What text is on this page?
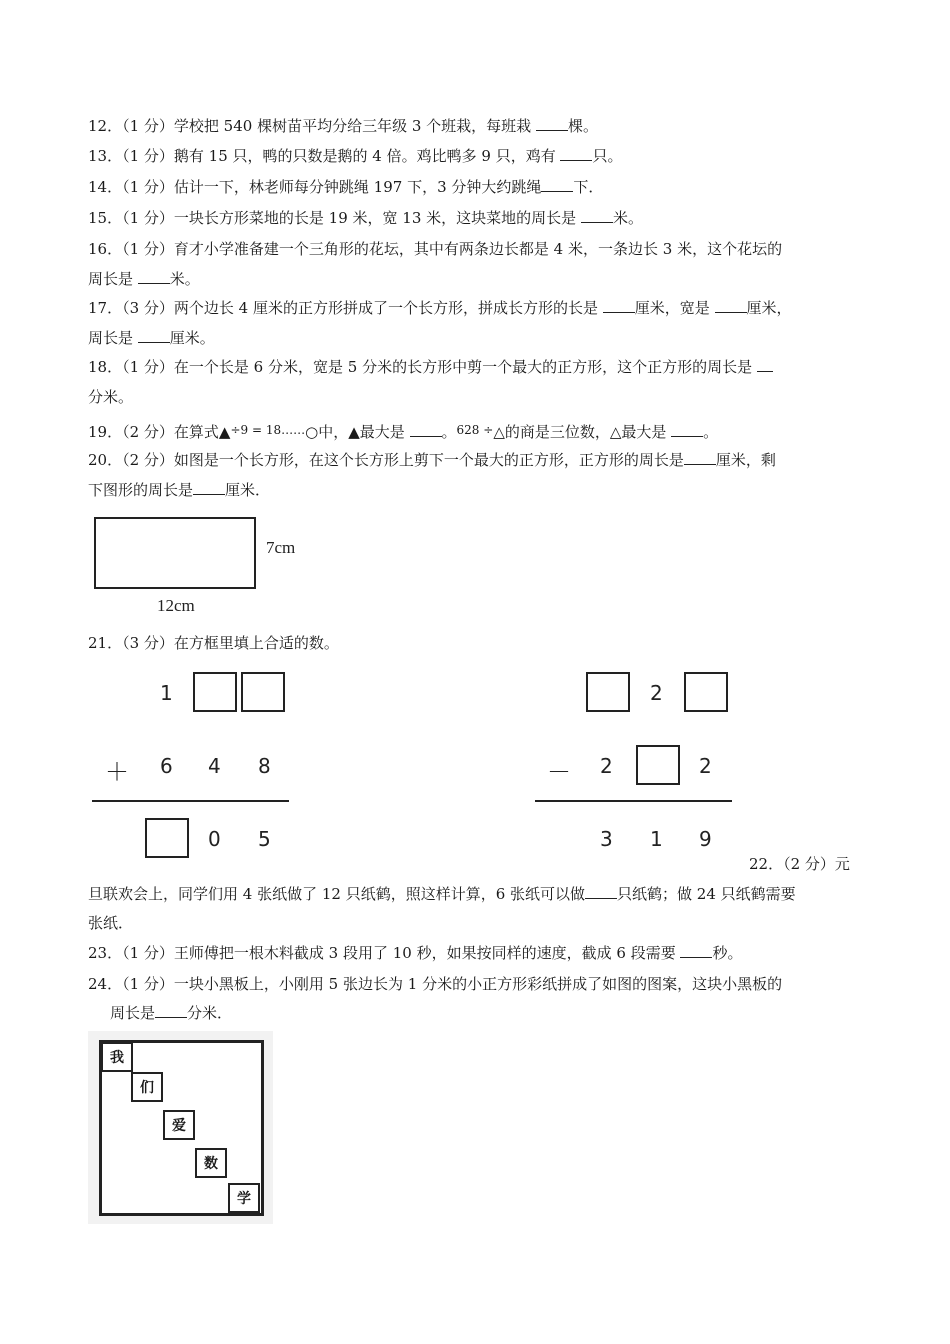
12．（1 分）学校把 540 棵树苗平均分给三年级 3 个班栽，每班栽 棵。
13．（1 分）鹅有 15 只，鸭的只数是鹅的 4 倍。鸡比鸭多 9 只，鸡有 只。
14．（1 分）估计一下，林老师每分钟跳绳 197 下，3 分钟大约跳绳 下．
15．（1 分）一块长方形菜地的长是 19 米，宽 13 米，这块菜地的周长是 米。
16．（1 分）育才小学准备建一个三角形的花坛，其中有两条边长都是 4 米，一条边长 3 米，这个花坛的
周长是 米。
17．（3 分）两个边长 4 厘米的正方形拼成了一个长方形，拼成长方形的长是 厘米，宽是 厘米，
周长是 厘米。
18．（1 分）在一个长是 6 分米，宽是 5 分米的长方形中剪一个最大的正方形，这个正方形的周长是
分米。
19．（2 分）在算式▲$^{\div 9 = 18\dots\dots}$○中，▲最大是 。$^{628 \div}$△的商是三位数，△最大是 。
20．（2 分）如图是一个长方形，在这个长方形上剪下一个最大的正方形，正方形的周长是 厘米，剩
下图形的周长是 厘米．
7cm
12cm
21．（3 分）在方框里填上合适的数。
1
＋ 6 4 8
0 5
2
－ 2	2
3 1 9
22．（2 分）元
旦联欢会上，同学们用 4 张纸做了 12 只纸鹤，照这样计算，6 张纸可以做 只纸鹤；做 24 只纸鹤需要
张纸．
23．（1 分）王师傅把一根木料截成 3 段用了 10 秒，如果按同样的速度，截成 6 段需要 秒。
24．（1 分）一块小黑板上，小刚用 5 张边长为 1 分米的小正方形彩纸拼成了如图的图案，这块小黑板的
周长是 分米．
我
们
爱
数
学
